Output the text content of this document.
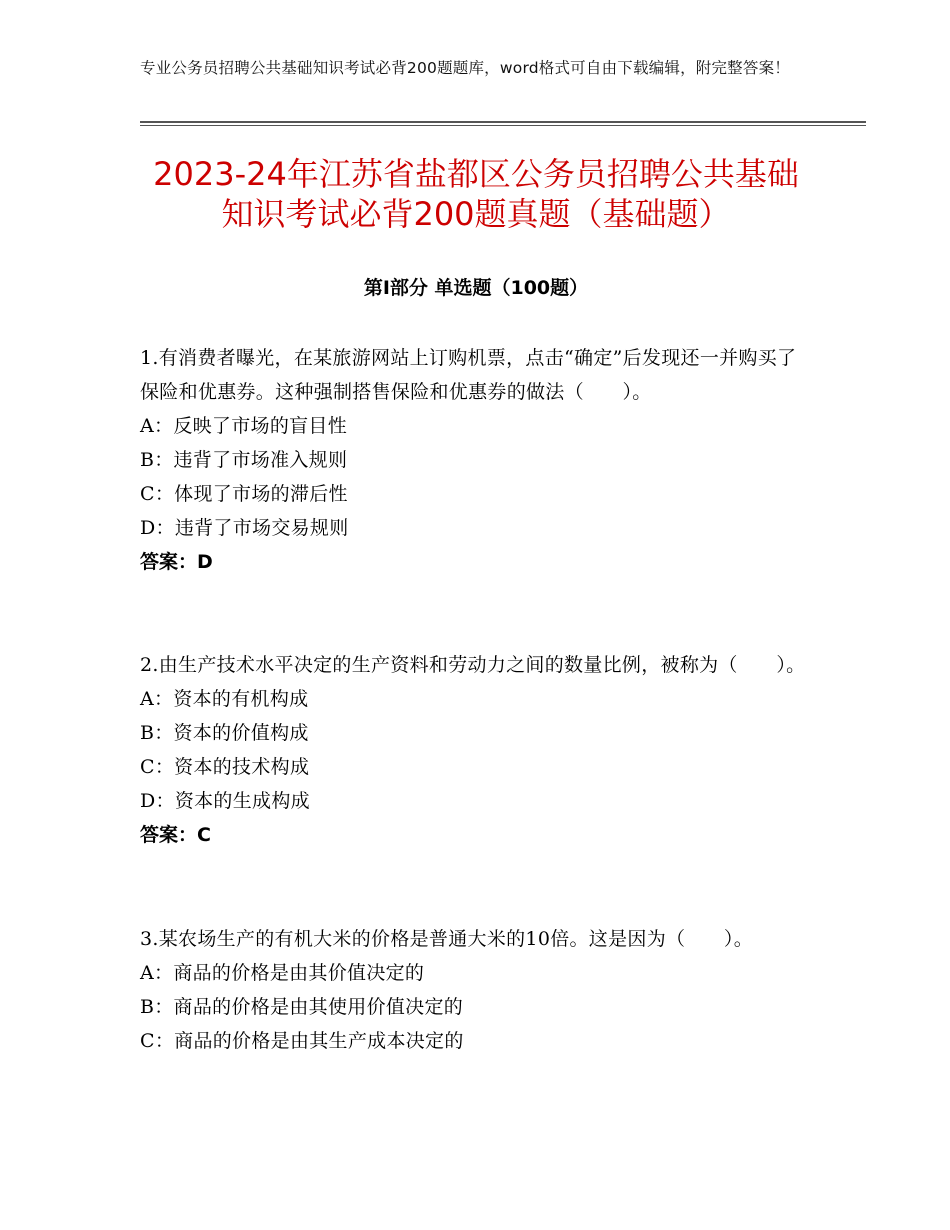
专业公务员招聘公共基础知识考试必背200题题库，word格式可自由下载编辑，附完整答案！
2023-24年江苏省盐都区公务员招聘公共基础知识考试必背200题真题（基础题）
第Ⅰ部分 单选题（100题）

1.有消费者曝光，在某旅游网站上订购机票，点击“确定”后发现还一并购买了保险和优惠券。这种强制搭售保险和优惠券的做法（　　）。

A：反映了市场的盲目性

B：违背了市场准入规则

C：体现了市场的滞后性

D：违背了市场交易规则

答案：D

2.由生产技术水平决定的生产资料和劳动力之间的数量比例，被称为（　　）。

A：资本的有机构成

B：资本的价值构成

C：资本的技术构成

D：资本的生成构成

答案：C

3.某农场生产的有机大米的价格是普通大米的10倍。这是因为（　　）。

A：商品的价格是由其价值决定的

B：商品的价格是由其使用价值决定的

C：商品的价格是由其生产成本决定的
